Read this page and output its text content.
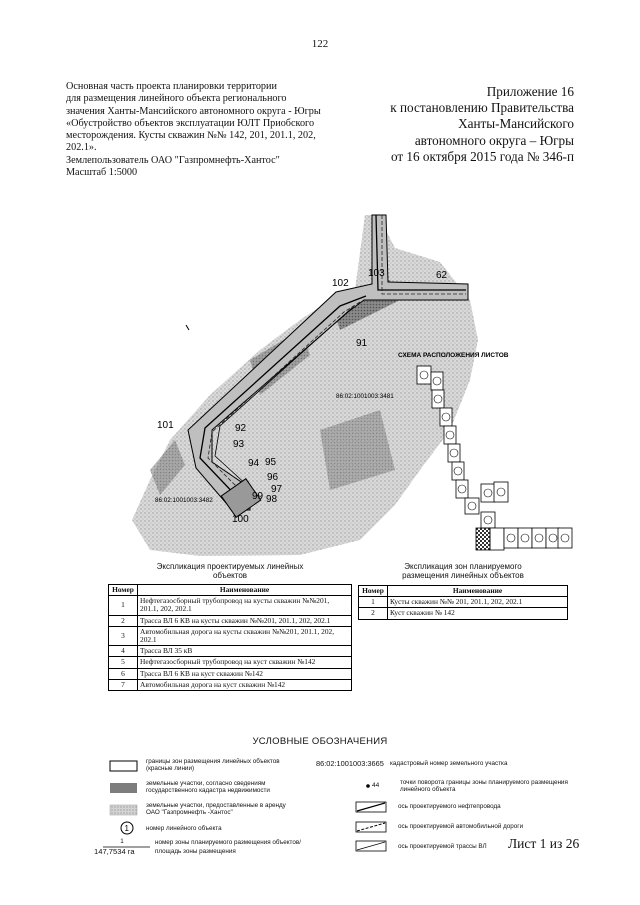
122
Основная часть проекта планировки территории
для размещения линейного объекта регионального
значения Ханты-Мансийского автономного округа - Югры
«Обустройство объектов эксплуатации ЮЛТ Приобского
месторождения. Кусты скважин №№ 142, 201, 201.1, 202,
202.1».
Землепользователь ОАО "Газпромнефть-Хантос"
Масштаб 1:5000
Приложение 16
к постановлению Правительства
Ханты-Мансийского
автономного округа – Югры
от 16 октября 2015 года № 346-п
102
103	62
91
101	92
93
94 95
96
97
98
99
100
86:02:1001003:3481
86:02:1001003:3482
СХЕМА РАСПОЛОЖЕНИЯ ЛИСТОВ
Экспликация проектируемых линейных
объектов
Экспликация зон планируемого
размещения линейных объектов
Номер	Наименование
1	Нефтегазосборный трубопровод на кусты скважин №№201, 201.1, 202, 202.1
2	Трасса ВЛ 6 КВ на кусты скважин №№201, 201.1, 202, 202.1
3	Автомобильная дорога на кусты скважин №№201, 201.1, 202, 202.1
4	Трасса ВЛ 35 кВ
5	Нефтегазосборный трубопровод на куст скважин №142
6	Трасса ВЛ 6 КВ на куст скважин №142
7	Автомобильная дорога на куст скважин №142
Номер	Наименование
1	Кусты скважин №№ 201, 201.1, 202, 202.1
2	Куст скважин № 142
УСЛОВНЫЕ ОБОЗНАЧЕНИЯ
1
границы зон размещения линейных объектов (красные линии)
земельные участки, согласно сведениям государственного кадастра недвижимости
земельные участки, предоставленные в аренду ОАО "Газпромнефть -Хантос"
номер линейного объекта
1
147,7534 га
номер зоны планируемого размещения объектов/
площадь зоны размещения
86:02:1001003:3665 кадастровый номер земельного участка
44	точки поворота границы зоны планируемого размещения линейного объекта
ось проектируемого нефтепровода
ось проектируемой автомобильной дороги
ось проектируемой трассы ВЛ	Лист 1 из 26
